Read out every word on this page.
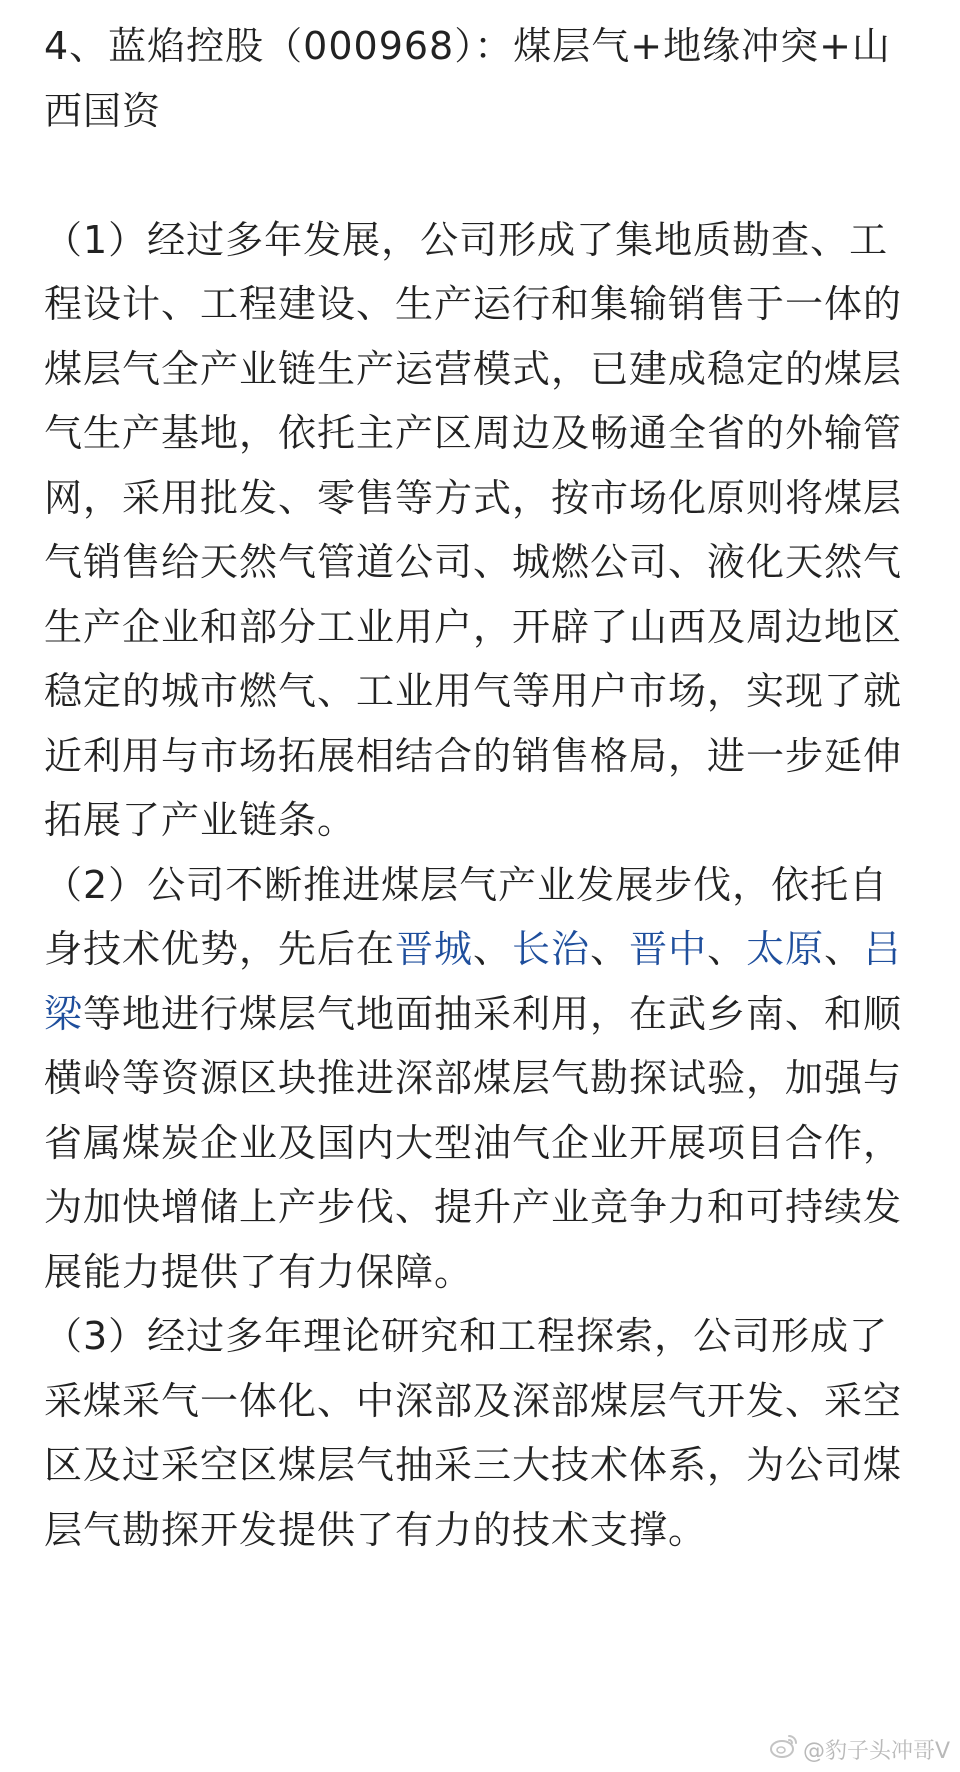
4、蓝焰控股（000968）：煤层气+地缘冲突+山西国资

（1）经过多年发展，公司形成了集地质勘查、工程设计、工程建设、生产运行和集输销售于一体的煤层气全产业链生产运营模式，已建成稳定的煤层气生产基地，依托主产区周边及畅通全省的外输管网，采用批发、零售等方式，按市场化原则将煤层气销售给天然气管道公司、城燃公司、液化天然气生产企业和部分工业用户，开辟了山西及周边地区稳定的城市燃气、工业用气等用户市场，实现了就近利用与市场拓展相结合的销售格局，进一步延伸拓展了产业链条。

（2）公司不断推进煤层气产业发展步伐，依托自身技术优势，先后在晋城、长治、晋中、太原、吕梁等地进行煤层气地面抽采利用，在武乡南、和顺横岭等资源区块推进深部煤层气勘探试验，加强与省属煤炭企业及国内大型油气企业开展项目合作，为加快增储上产步伐、提升产业竞争力和可持续发展能力提供了有力保障。

（3）经过多年理论研究和工程探索，公司形成了采煤采气一体化、中深部及深部煤层气开发、采空区及过采空区煤层气抽采三大技术体系，为公司煤层气勘探开发提供了有力的技术支撑。

@豹子头冲哥V
